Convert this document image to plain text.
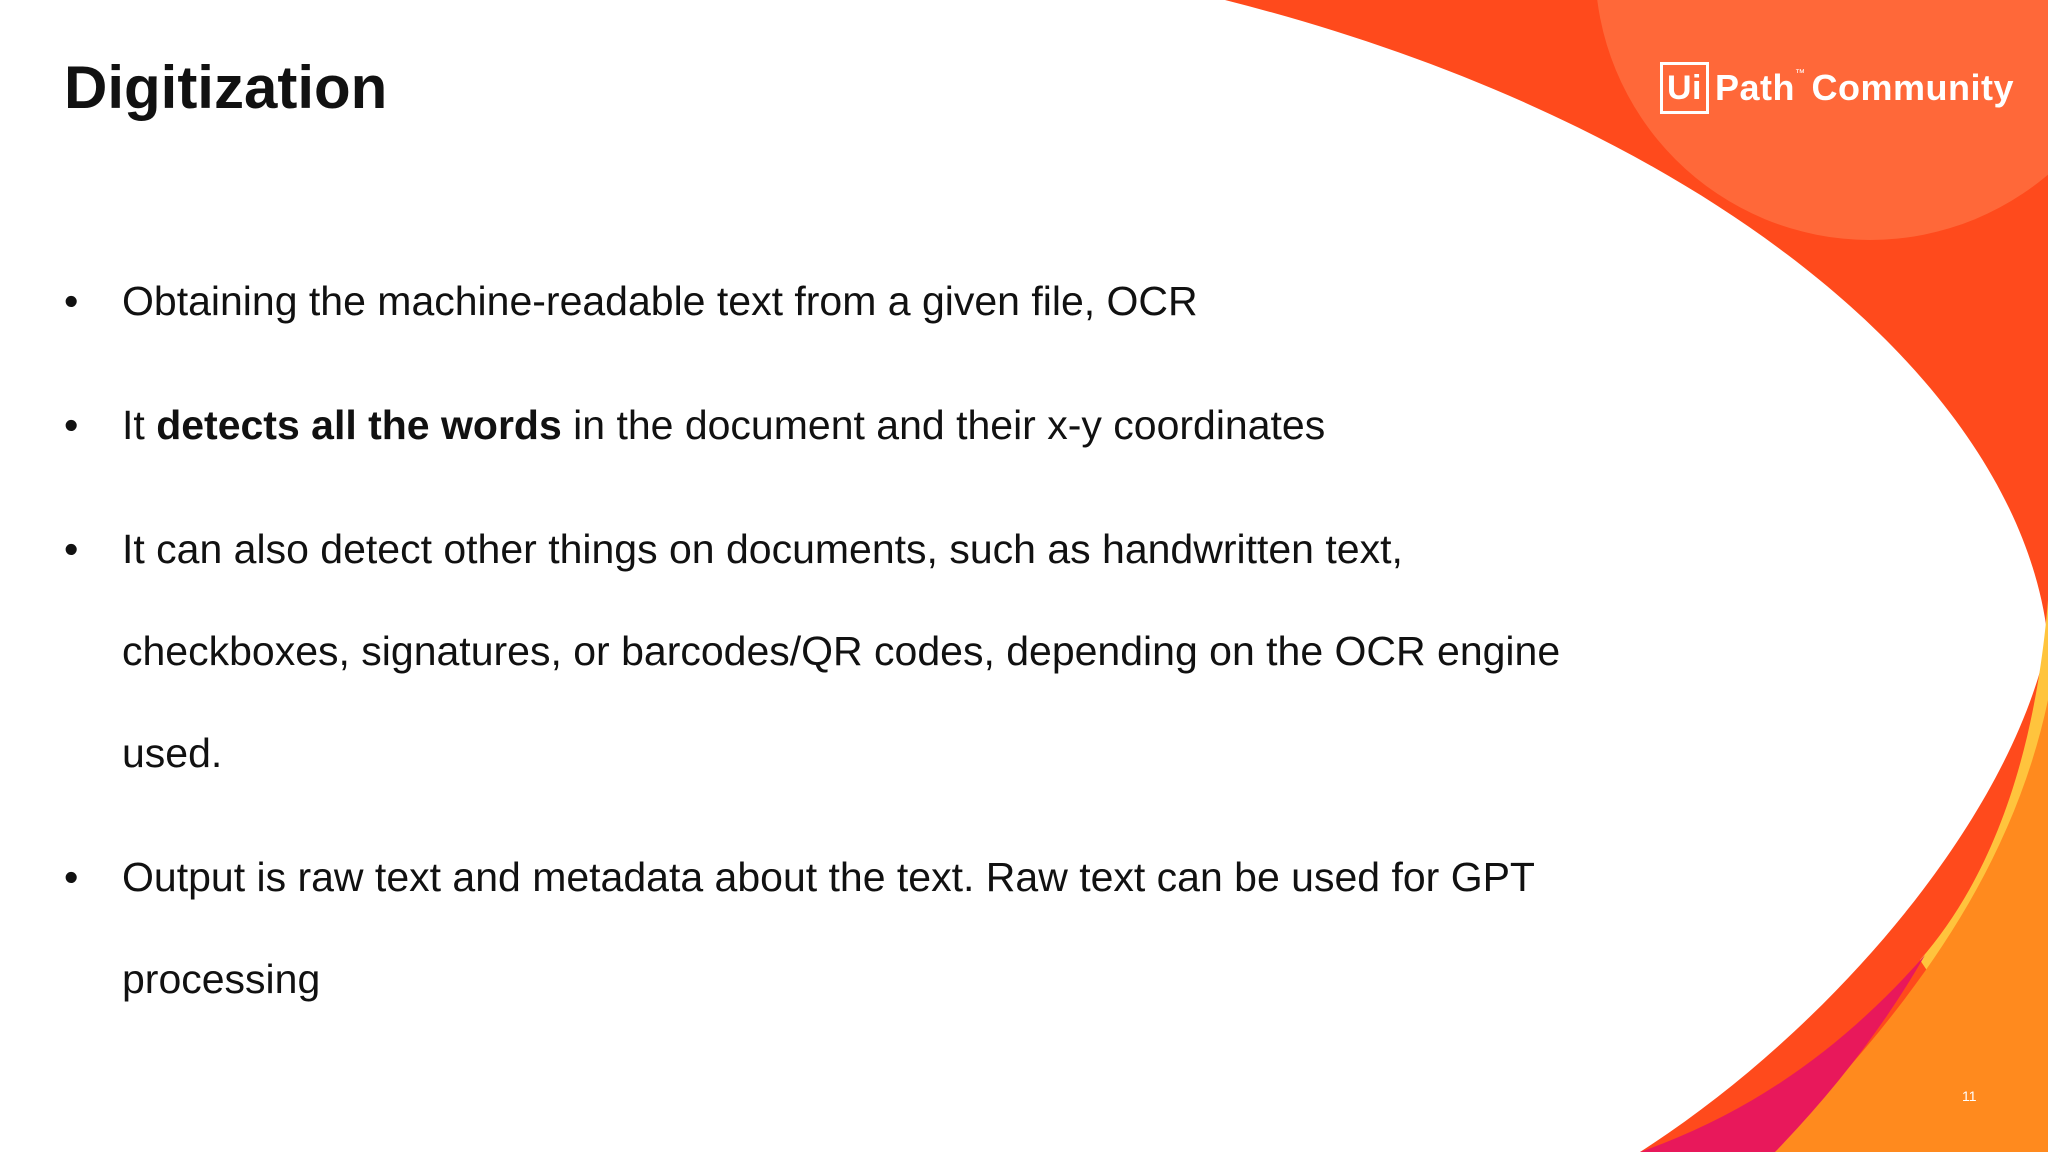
Digitization	Ui Path ™ Community
•	Obtaining the machine-readable text from a given file, OCR
•	It detects all the words in the document and their x-y coordinates
•	It can also detect other things on documents, such as handwritten text, checkboxes, signatures, or barcodes/QR codes, depending on the OCR engine used.
•	Output is raw text and metadata about the text. Raw text can be used for GPT processing
11
